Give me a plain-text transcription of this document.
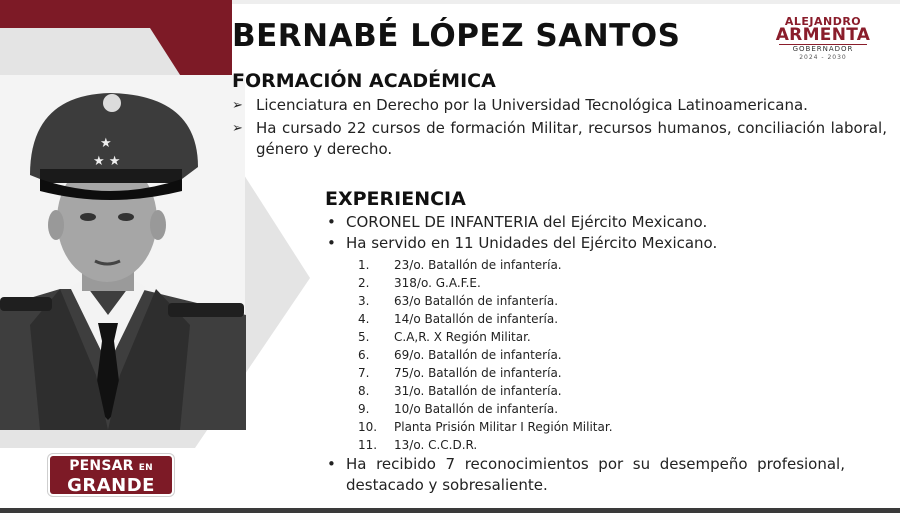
★
★ ★
BERNABÉ LÓPEZ SANTOS	ALEJANDRO
ARMENTA
GOBERNADOR
2024 - 2030
FORMACIÓN ACADÉMICA
➢ Licenciatura en Derecho por la Universidad Tecnológica Latinoamericana.
➢ Ha cursado 22 cursos de formación Militar, recursos humanos, conciliación laboral, género y derecho.
EXPERIENCIA
• CORONEL DE INFANTERIA del Ejército Mexicano.
• Ha servido en 11 Unidades del Ejército Mexicano.
1.	23/o. Batallón de infantería.
2.	318/o. G.A.F.E.
3.	63/o Batallón de infantería.
4.	14/o Batallón de infantería.
5.	C.A,R. X Región Militar.
6.	69/o. Batallón de infantería.
7.	75/o. Batallón de infantería.
8.	31/o. Batallón de infantería.
9.	10/o Batallón de infantería.
10.	Planta Prisión Militar I Región Militar.
11.	13/o. C.C.D.R.
• Ha recibido 7 reconocimientos por su desempeño profesional, destacado y sobresaliente.
PENSAR EN
GRANDE
